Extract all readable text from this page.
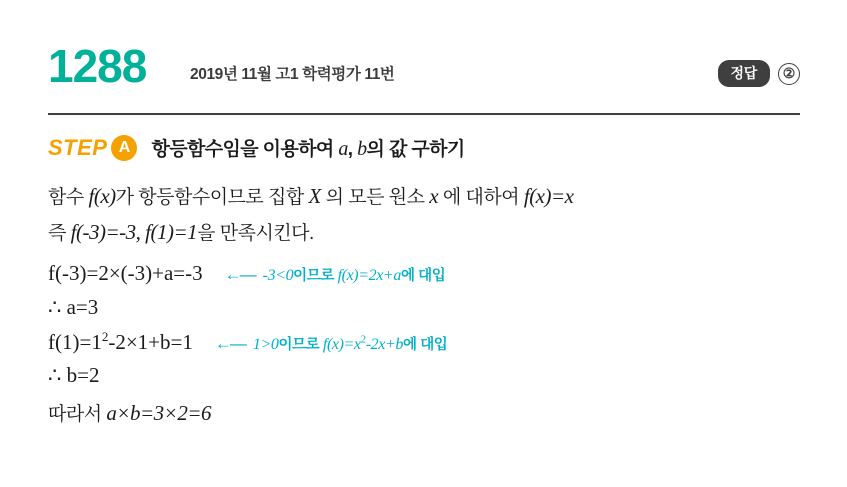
1288	2019년 11월 고1 학력평가 11번	정답	②
STEP A	항등함수임을 이용하여 a, b의 값 구하기
함수 f(x)가 항등함수이므로 집합 X 의 모든 원소 x 에 대하여 f(x)=x
즉 f(-3)=-3, f(1)=1을 만족시킨다.
f(-3)=2×(-3)+a=-3 ←— -3<0이므로 f(x)=2x+a에 대입
∴ a=3
$f(1)=1^2-2\times 1+b=1$ ←— 1>0이므로 $f(x)=x^2-2x+b$에 대입
∴ b=2
따라서 a×b=3×2=6
